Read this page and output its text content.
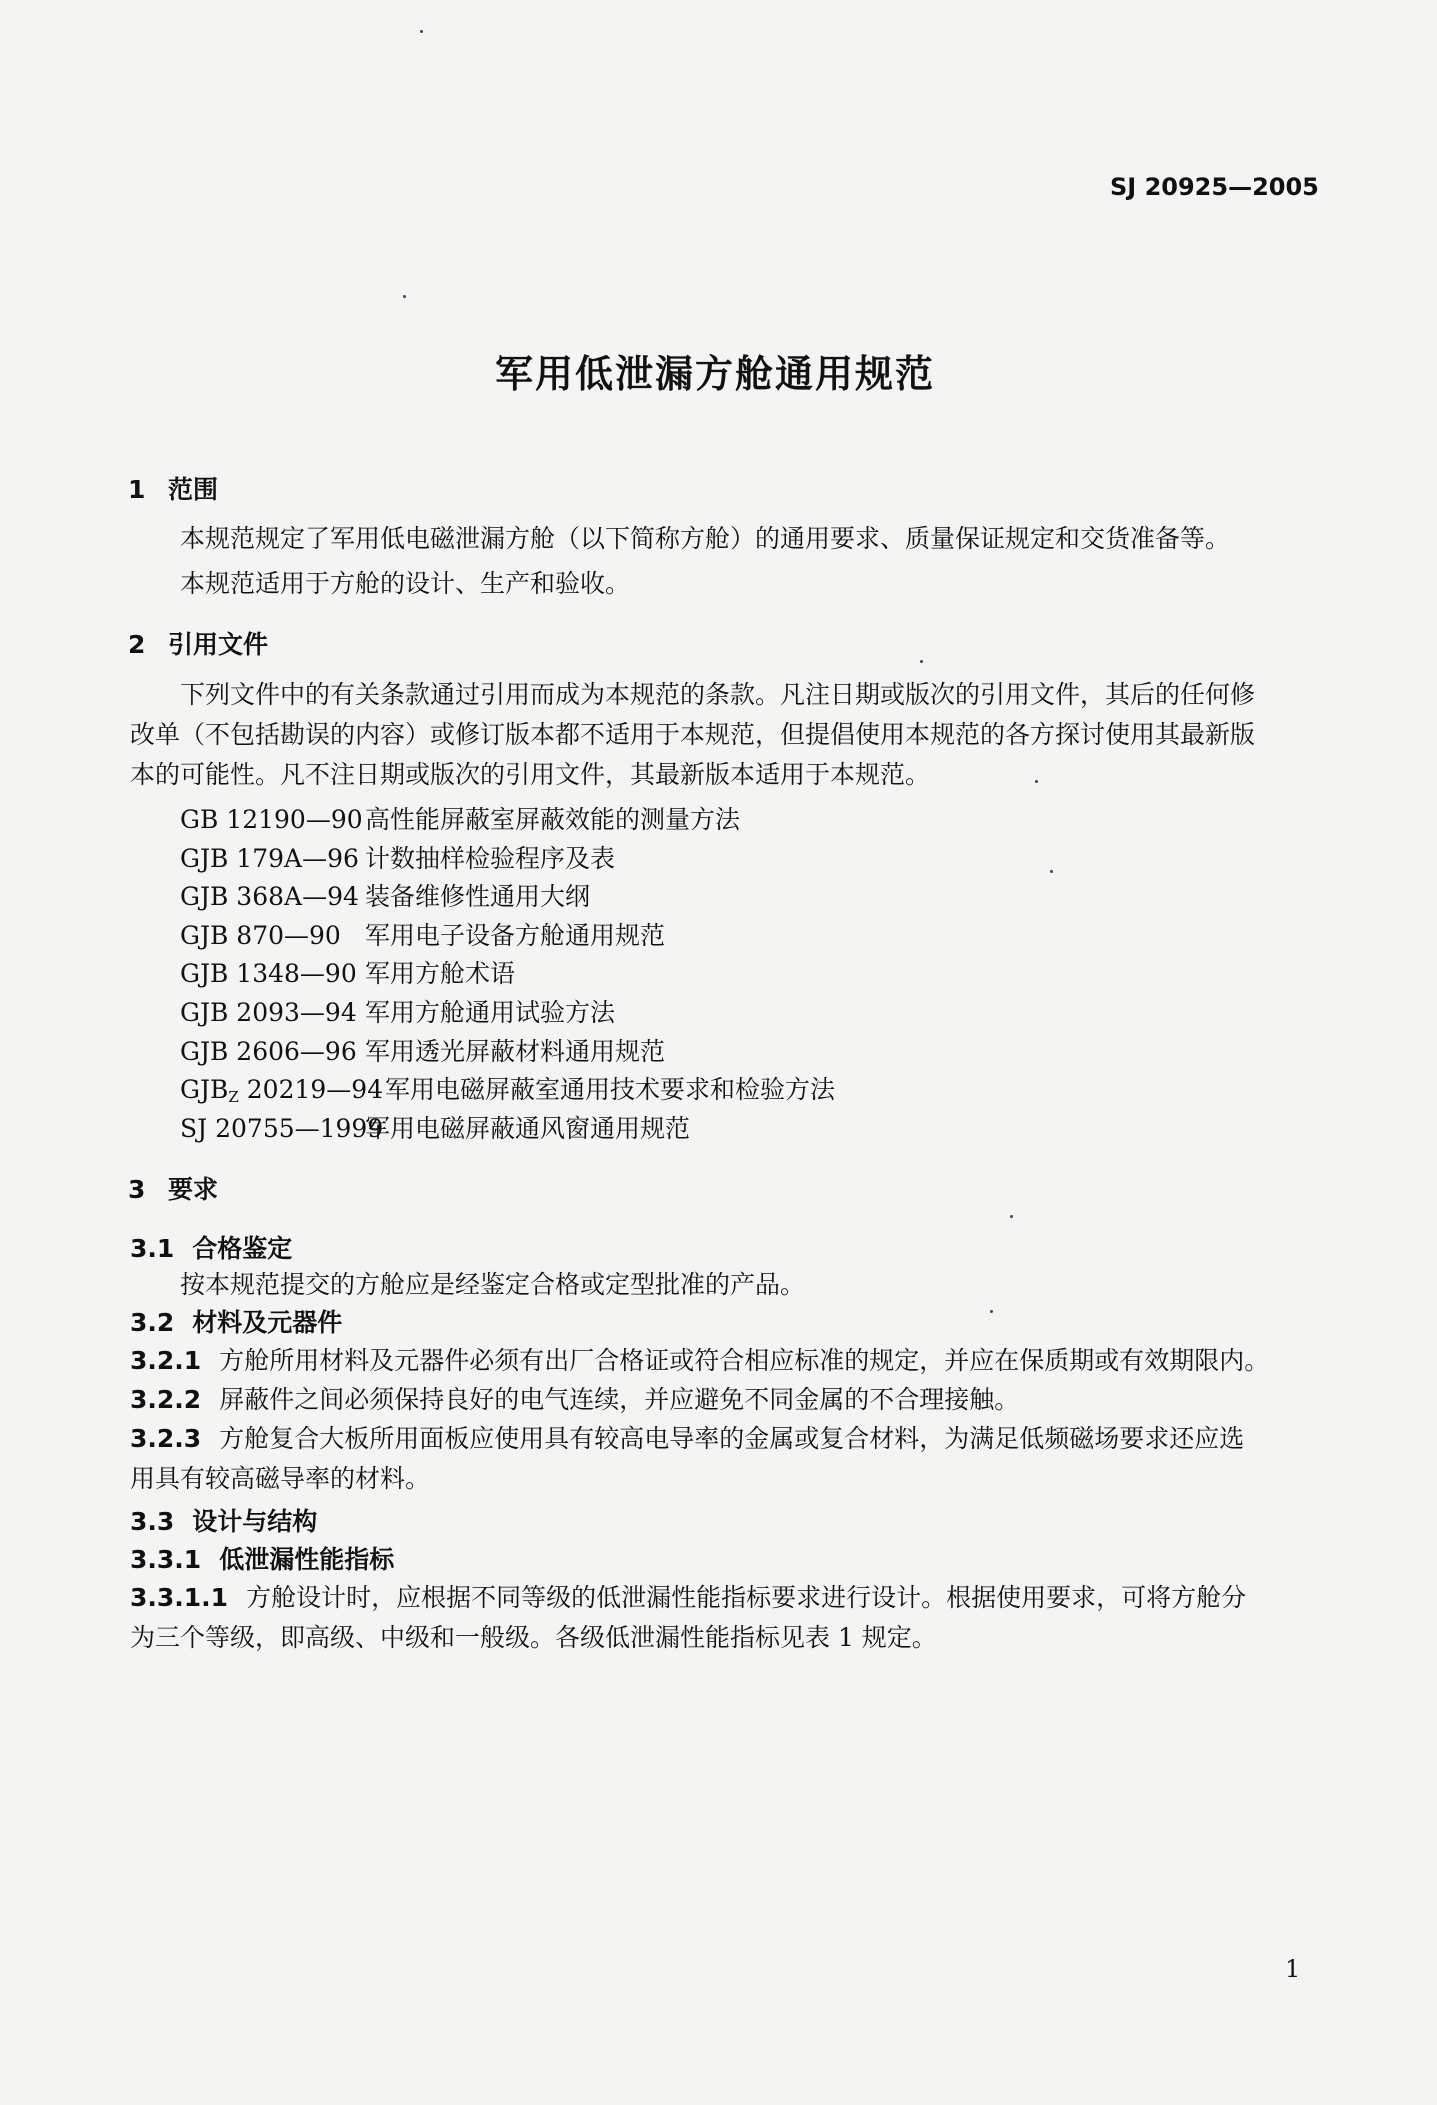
SJ 20925—2005
军用低泄漏方舱通用规范
1 范围
本规范规定了军用低电磁泄漏方舱（以下简称方舱）的通用要求、质量保证规定和交货准备等。
本规范适用于方舱的设计、生产和验收。
2 引用文件
下列文件中的有关条款通过引用而成为本规范的条款。凡注日期或版次的引用文件，其后的任何修
改单（不包括勘误的内容）或修订版本都不适用于本规范，但提倡使用本规范的各方探讨使用其最新版
本的可能性。凡不注日期或版次的引用文件，其最新版本适用于本规范。
GB 12190—90高性能屏蔽室屏蔽效能的测量方法
GJB 179A—96 计数抽样检验程序及表
GJB 368A—94 装备维修性通用大纲
GJB 870—90 军用电子设备方舱通用规范
GJB 1348—90 军用方舱术语
GJB 2093—94 军用方舱通用试验方法
GJB 2606—96 军用透光屏蔽材料通用规范
$GJB_Z$ 20219—94军用电磁屏蔽室通用技术要求和检验方法
SJ 20755—1999军用电磁屏蔽通风窗通用规范
3 要求
3.1 合格鉴定
按本规范提交的方舱应是经鉴定合格或定型批准的产品。
3.2 材料及元器件
3.2.1 方舱所用材料及元器件必须有出厂合格证或符合相应标准的规定，并应在保质期或有效期限内。
3.2.2 屏蔽件之间必须保持良好的电气连续，并应避免不同金属的不合理接触。
3.2.3 方舱复合大板所用面板应使用具有较高电导率的金属或复合材料，为满足低频磁场要求还应选
用具有较高磁导率的材料。
3.3 设计与结构
3.3.1 低泄漏性能指标
3.3.1.1 方舱设计时，应根据不同等级的低泄漏性能指标要求进行设计。根据使用要求，可将方舱分
为三个等级，即高级、中级和一般级。各级低泄漏性能指标见表 1 规定。
1
